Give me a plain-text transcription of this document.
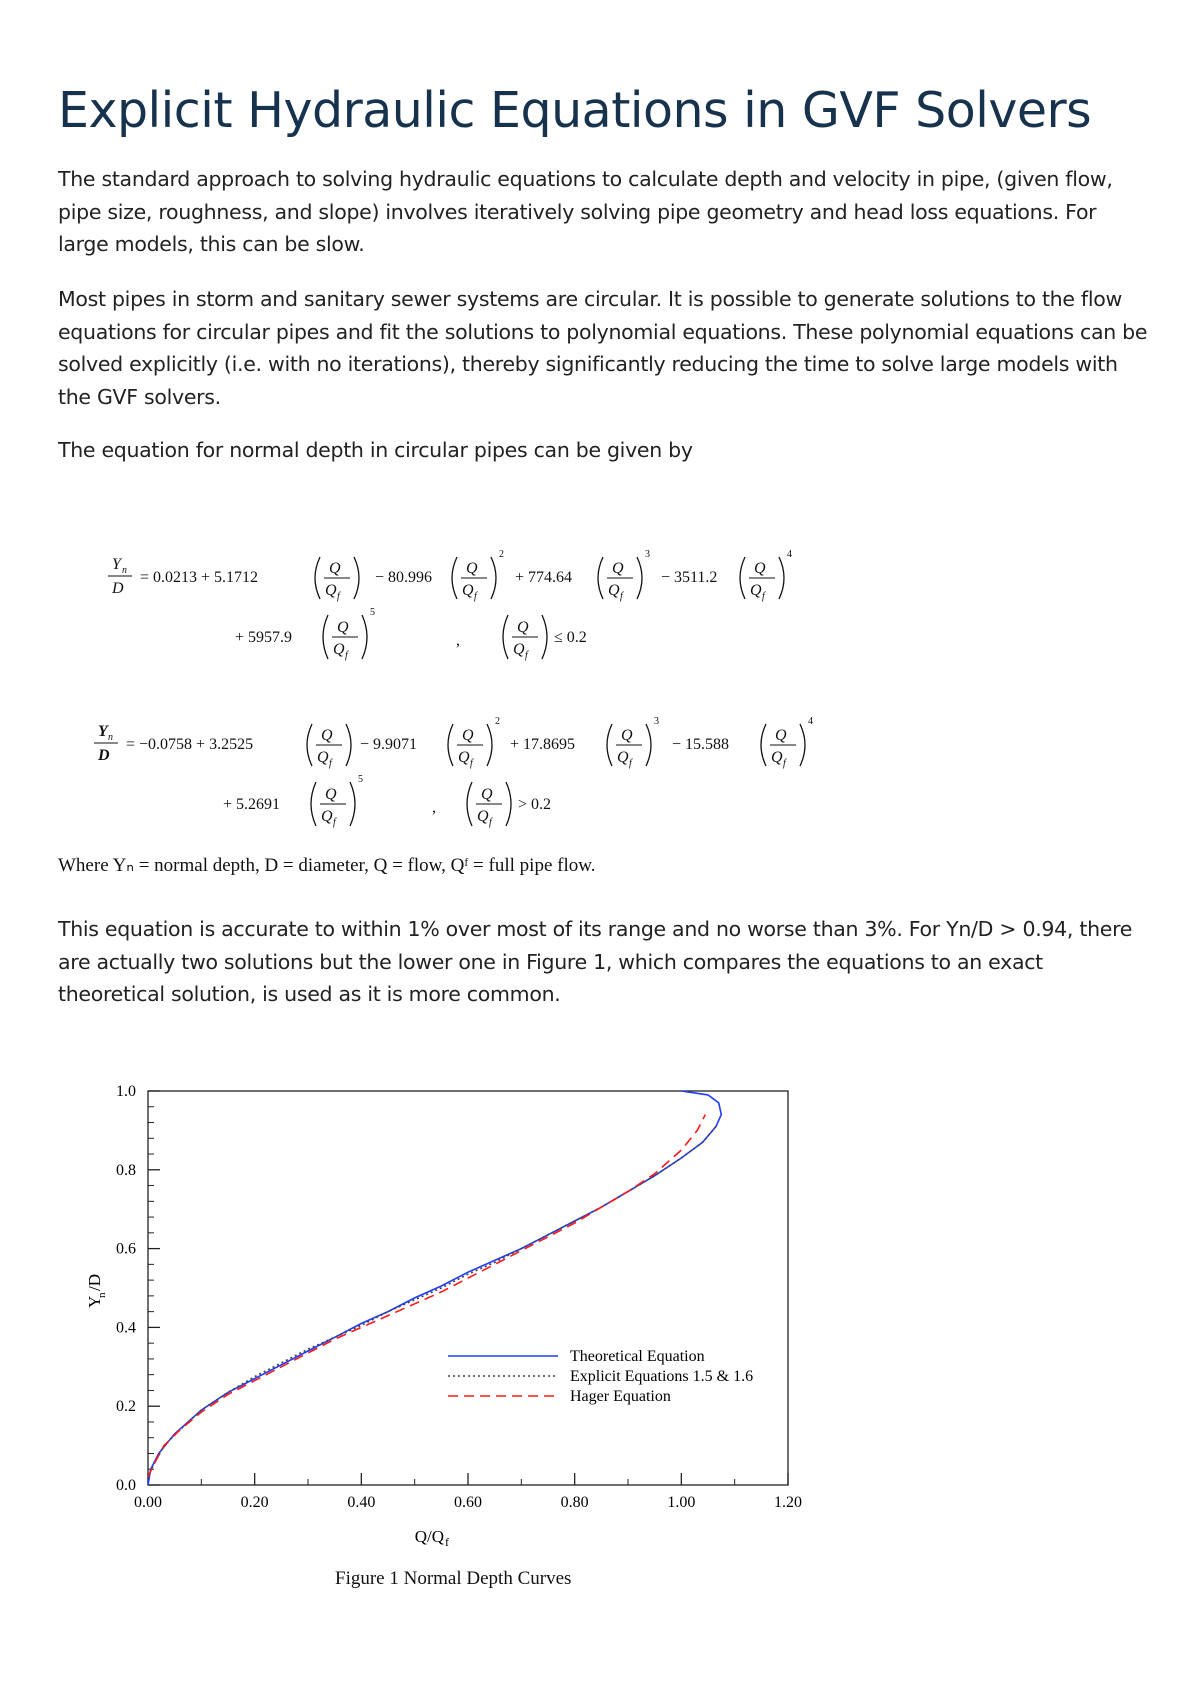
Explicit Hydraulic Equations in GVF Solvers

The standard approach to solving hydraulic equations to calculate depth and velocity in pipe, (given flow, pipe size, roughness, and slope) involves iteratively solving pipe geometry and head loss equations. For large models, this can be slow.

Most pipes in storm and sanitary sewer systems are circular. It is possible to generate solutions to the flow equations for circular pipes and fit the solutions to polynomial equations. These polynomial equations can be solved explicitly (i.e. with no iterations), thereby significantly reducing the time to solve large models with the GVF solvers.

The equation for normal depth in circular pipes can be given by

Y n
D
= 0.0213 + 5.1712
Q
Q f
− 80.996
Q
Q f
2
+ 774.64
Q
Q f
3
− 3511.2
Q
Q f
4
+ 5957.9
Q
Q f
5
,
Q
Q f
≤ 0.2
Y n
D
= −0.0758 + 3.2525
Q
Q f
− 9.9071
Q
Q f
2
+ 17.8695
Q
Q f
3
− 15.588
Q
Q f
4
+ 5.2691
Q
Q f
5
,
Q
Q f
> 0.2
Where Yₙ = normal depth, D = diameter, Q = flow, Qᶠ = full pipe flow.

This equation is accurate to within 1% over most of its range and no worse than 3%. For Yn/D > 0.94, there are actually two solutions but the lower one in Figure 1, which compares the equations to an exact theoretical solution, is used as it is more common.

0.0
0.2
0.4
0.6
0.8
1.0
0.00	0.20	0.40	0.60	0.80	1.00	1.20
Q/Q f
Y
n
/D
Theoretical Equation
Explicit Equations 1.5 & 1.6
Hager Equation
Figure 1 Normal Depth Curves
